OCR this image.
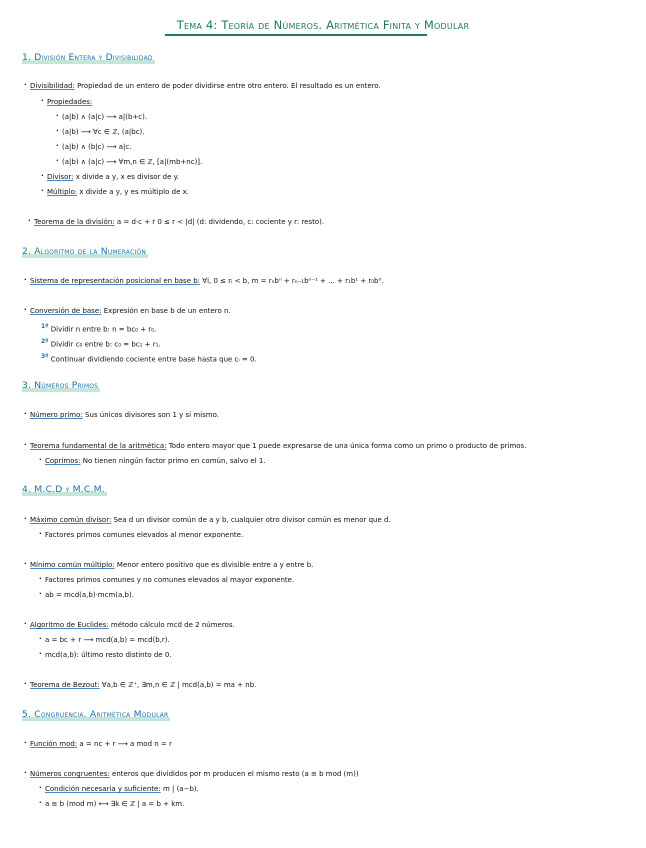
Tema 4: Teoría de Números. Aritmética Finita y Modular
1. División Entera y Divisibilidad
· Divisibilidad: Propiedad de un entero de poder dividirse entre otro entero. El resultado es un entero.
· Propiedades:
· (a|b) ∧ (a|c) ⟶ a|(b+c).
· (a|b) ⟶ ∀c ∈ ℤ, (a|bc).
· (a|b) ∧ (b|c) ⟶ a|c.
· (a|b) ∧ (a|c) ⟶ ∀m,n ∈ ℤ, [a|(mb+nc)].
· Divisor: x divide a y, x es divisor de y.
· Múltiplo: x divide a y, y es múltiplo de x.
· Teorema de la división: a = d·c + r 0 ≤ r < |d| (d: dividendo, c: cociente y r: resto).
2. Algoritmo de la Numeración
· Sistema de representación posicional en base b: ∀i, 0 ≤ rᵢ < b, m = rₙbⁿ + rₙ₋₁bⁿ⁻¹ + ... + r₁b¹ + r₀b⁰.
· Conversión de base: Expresión en base b de un entero n.
1º Dividir n entre b: n = bc₀ + r₀.
2º Dividir c₀ entre b: c₀ = bc₁ + r₁.
3º Continuar dividiendo cociente entre base hasta que cᵢ = 0.
3. Números Primos
· Número primo: Sus únicos divisores son 1 y sí mismo.
· Teorema fundamental de la aritmética: Todo entero mayor que 1 puede expresarse de una única forma como un primo o producto de primos.
· Coprimos: No tienen ningún factor primo en común, salvo el 1.
4. M.C.D y M.C.M.
· Máximo común divisor: Sea d un divisor común de a y b, cualquier otro divisor común es menor que d.
· Factores primos comunes elevados al menor exponente.
· Mínimo común múltiplo: Menor entero positivo que es divisible entre a y entre b.
· Factores primos comunes y no comunes elevados al mayor exponente.
· ab = mcd(a,b)·mcm(a,b).
· Algoritmo de Euclides: método cálculo mcd de 2 números.
· a = bc + r ⟶ mcd(a,b) = mcd(b,r).
· mcd(a,b): último resto distinto de 0.
· Teorema de Bezout: ∀a,b ∈ ℤ⁺, ∃m,n ∈ ℤ | mcd(a,b) = ma + nb.
5. Congruencia. Aritmética Modular
· Función mod: a = nc + r ⟶ a mod n = r
· Números congruentes: enteros que divididos por m producen el mismo resto (a ≡ b mod (m))
· Condición necesaria y suficiente: m | (a−b).
· a ≡ b (mod m) ⟷ ∃k ∈ ℤ | a = b + km.
